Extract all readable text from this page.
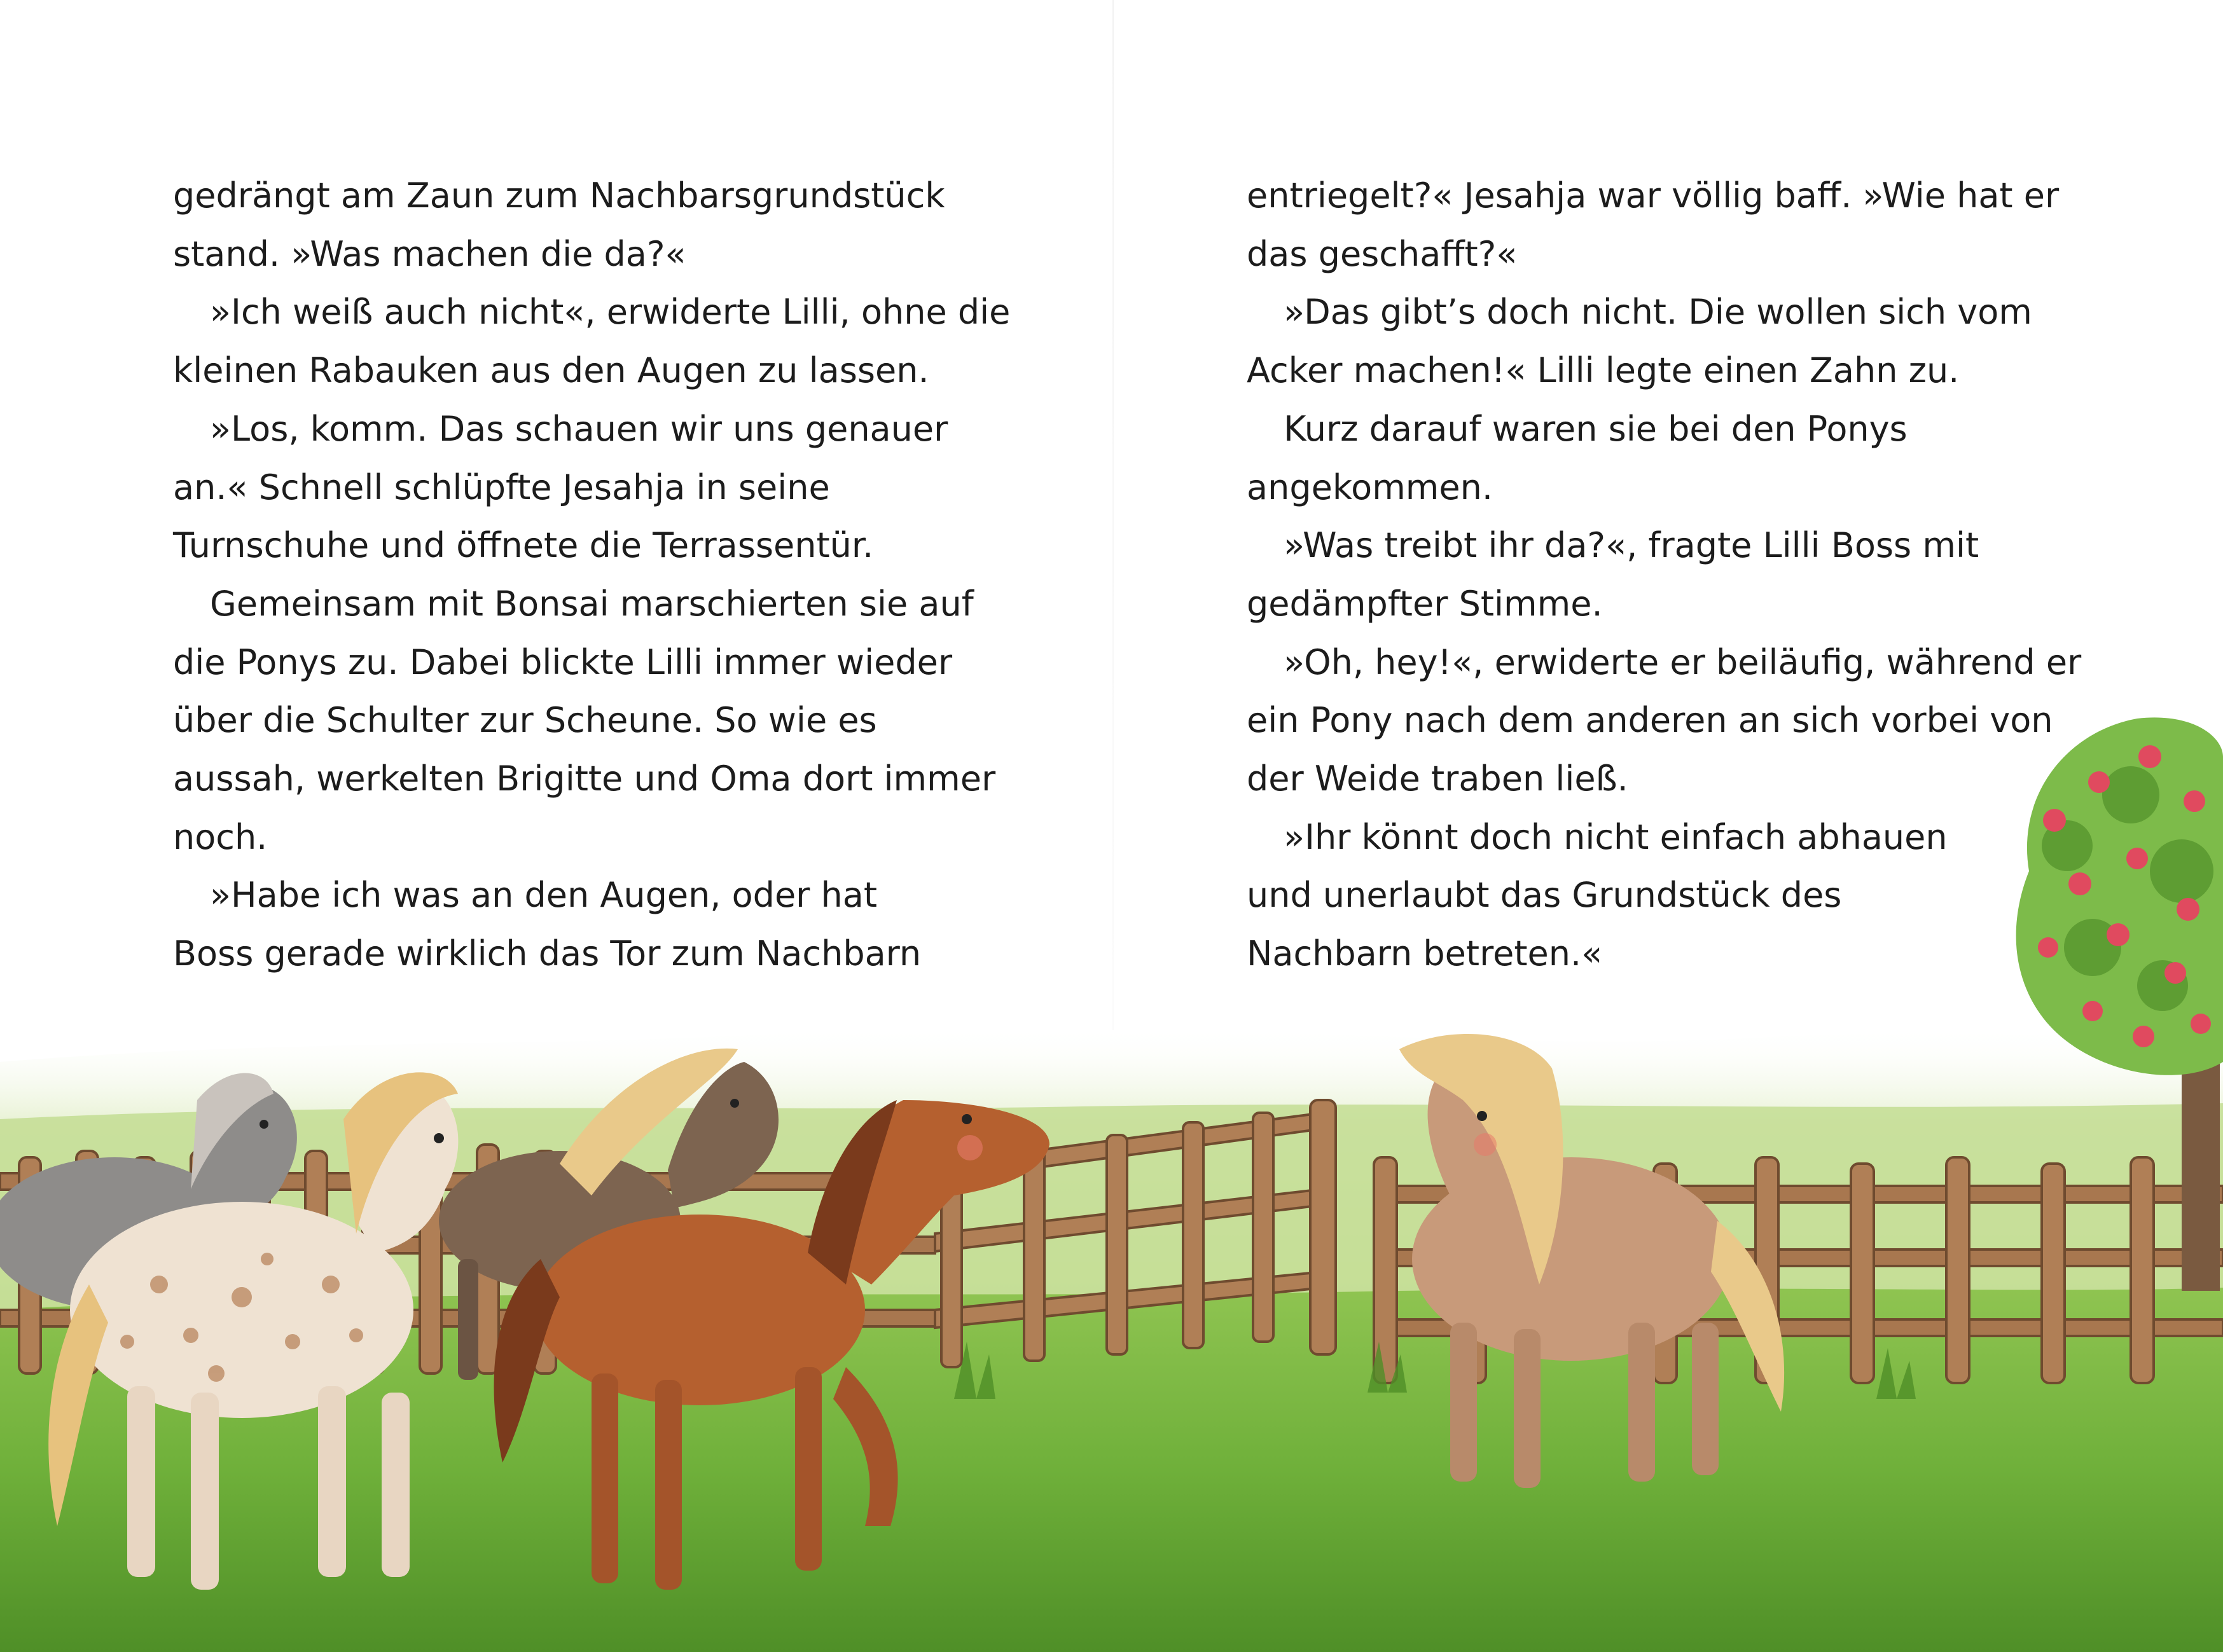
gedrängt am Zaun zum Nachbarsgrundstück

stand. »Was machen die da?«

»Ich weiß auch nicht«, erwiderte Lilli, ohne die

kleinen Rabauken aus den Augen zu lassen.

»Los, komm. Das schauen wir uns genauer

an.« Schnell schlüpfte Jesahja in seine

Turnschuhe und öffnete die Terrassentür.

Gemeinsam mit Bonsai marschierten sie auf

die Ponys zu. Dabei blickte Lilli immer wieder

über die Schulter zur Scheune. So wie es

aussah, werkelten Brigitte und Oma dort immer

noch.

»Habe ich was an den Augen, oder hat

Boss gerade wirklich das Tor zum Nachbarn

entriegelt?« Jesahja war völlig baff. »Wie hat er

das geschafft?«

»Das gibt’s doch nicht. Die wollen sich vom

Acker machen!« Lilli legte einen Zahn zu.

Kurz darauf waren sie bei den Ponys

angekommen.

»Was treibt ihr da?«, fragte Lilli Boss mit

gedämpfter Stimme.

»Oh, hey!«, erwiderte er beiläufig, während er

ein Pony nach dem anderen an sich vorbei von

der Weide traben ließ.

»Ihr könnt doch nicht einfach abhauen

und unerlaubt das Grundstück des

Nachbarn betreten.«
